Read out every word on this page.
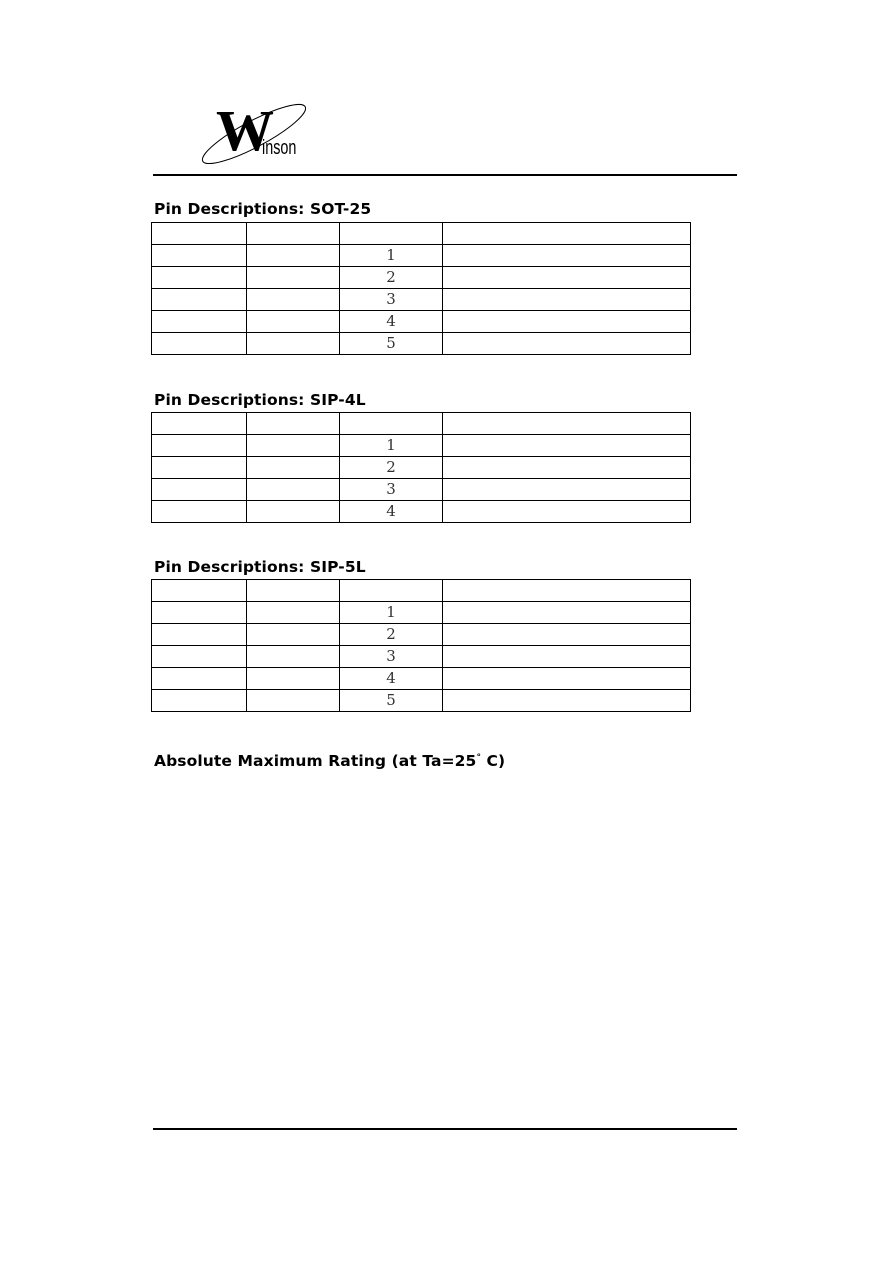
W
inson
Pin Descriptions: SOT-25

		1	
		2	
		3	
		4	
		5	
Pin Descriptions: SIP-4L

		1	
		2	
		3	
		4	
Pin Descriptions: SIP-5L

		1	
		2	
		3	
		4	
		5	
Absolute Maximum Rating (at Ta=25° C)
